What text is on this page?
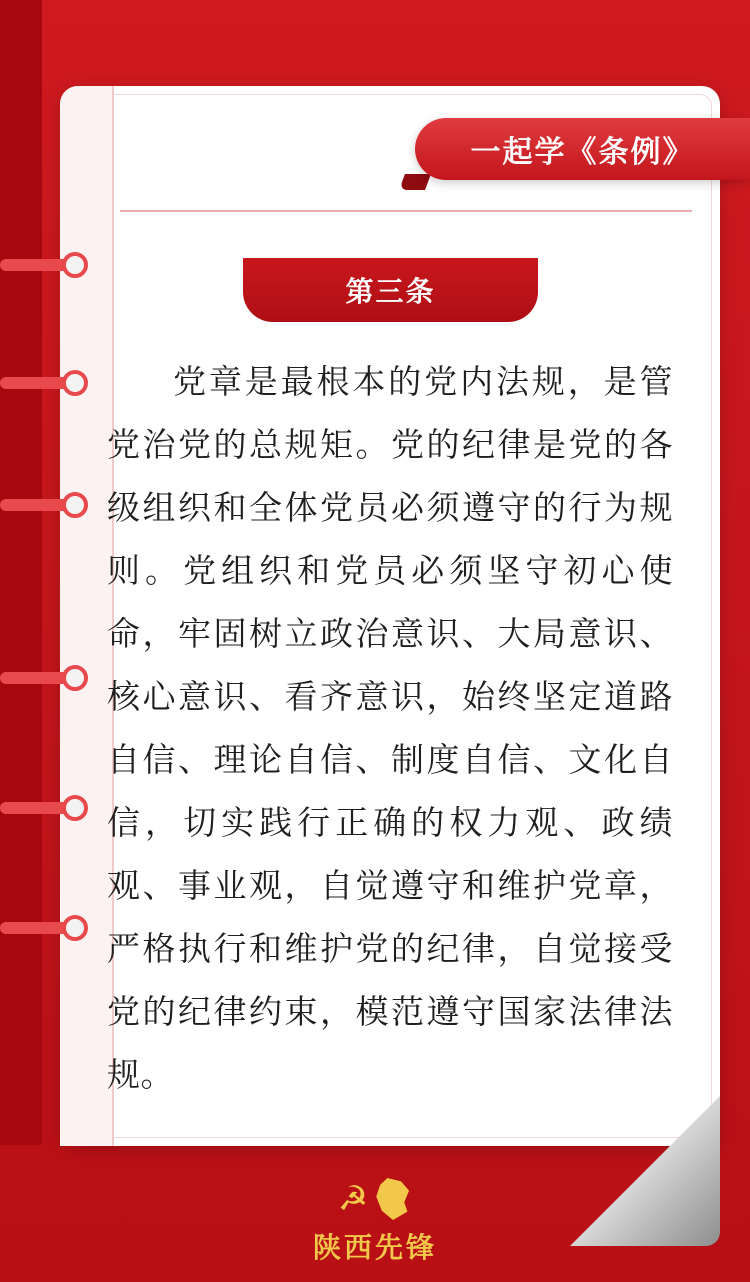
一起学《条例》
第三条
党章是最根本的党内法规，是管党治党的总规矩。党的纪律是党的各级组织和全体党员必须遵守的行为规则。党组织和党员必须坚守初心使命，牢固树立政治意识、大局意识、核心意识、看齐意识，始终坚定道路自信、理论自信、制度自信、文化自信，切实践行正确的权力观、政绩观、事业观，自觉遵守和维护党章，严格执行和维护党的纪律，自觉接受党的纪律约束，模范遵守国家法律法规。
☭
陕西先锋
